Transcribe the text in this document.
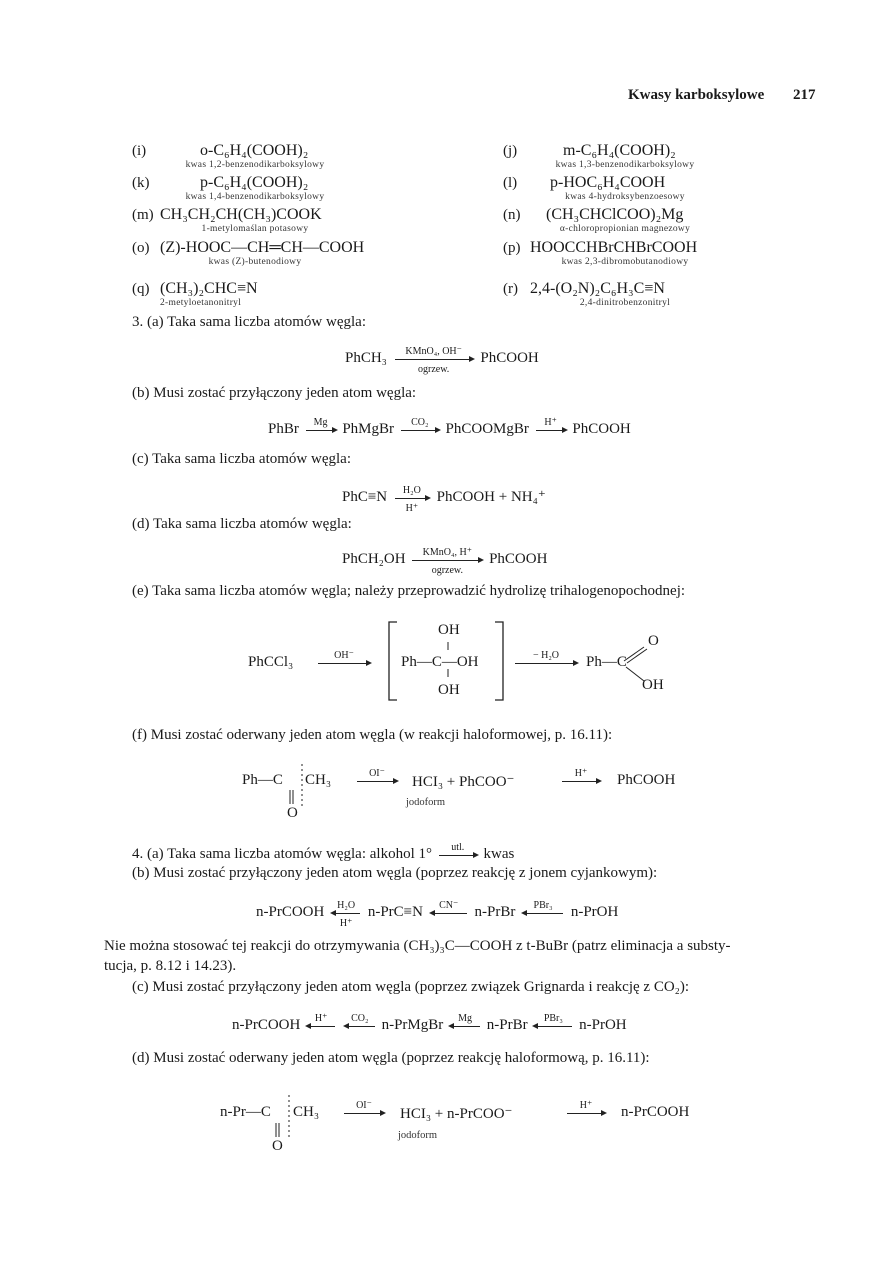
Kwasy karboksylowe 217
(i)	o-C₆H₄(COOH)₂
kwas 1,2-benzenodikarboksylowy
(j)	m-C₆H₄(COOH)₂
kwas 1,3-benzenodikarboksylowy
(k)	p-C₆H₄(COOH)₂
kwas 1,4-benzenodikarboksylowy
(l) p-HOC₆H₄COOH
kwas 4-hydroksybenzoesowy
(m) CH₃CH₂CH(CH₃)COOK
1-metylomaślan potasowy
(n) (CH₃CHClCOO)₂Mg
α-chloropropionian magnezowy
(o) (Z)-HOOC—CH═CH—COOH
kwas (Z)-butenodiowy
(p) HOOCCHBrCHBrCOOH
kwas 2,3-dibromobutanodiowy
(q) (CH₃)₂CHC≡N
2-metyloetanonitryl
(r) 2,4-(O₂N)₂C₆H₃C≡N
2,4-dinitrobenzonitryl
3. (a) Taka sama liczba atomów węgla:
PhCH₃	KMnO₄, OH⁻
ogrzew.
PhCOOH
(b) Musi zostać przyłączony jeden atom węgla:
PhBr	Mg PhMgBr	CO₂	PhCOOMgBr	H⁺	PhCOOH
(c) Taka sama liczba atomów węgla:
$PhC\equiv N \frac{\text{H₂O}}{H^+}$ PhCOOH + NH₄⁺
(d) Taka sama liczba atomów węgla:
PhCH₂OH	KMnO₄, H⁺
ogrzew.
PhCOOH
(e) Taka sama liczba atomów węgla; należy przeprowadzić hydrolizę trihalogenopochodnej:
PhCCl₃	OH⁻
OH
Ph—C—OH
OH
− H₂O	Ph—C
O
OH
(f) Musi zostać oderwany jeden atom węgla (w reakcji haloformowej, p. 16.11):
Ph—C CH₃
O
OI⁻
HCI₃ + PhCOO⁻
jodoform
H⁺	PhCOOH
4. (a) Taka sama liczba atomów węgla: alkohol 1°	utl.	kwas
(b) Musi zostać przyłączony jeden atom węgla (poprzez reakcję z jonem cyjankowym):
n-PrCOOH $\frac{\text{H₂O}}{H^+} n-PrC\equiv N$	CN⁻	n-PrBr	PBr₃	n-PrOH
Nie można stosować tej reakcji do otrzymywania (CH₃)₃C—COOH z t-BuBr (patrz eliminacja a substy-
tucja, p. 8.12 i 14.23).
(c) Musi zostać przyłączony jeden atom węgla (poprzez związek Grignarda i reakcję z CO₂):
n-PrCOOH	H⁺
	CO₂ n-PrMgBr	Mg n-PrBr	PBr₃	n-PrOH
(d) Musi zostać oderwany jeden atom węgla (poprzez reakcję haloformową, p. 16.11):
n-Pr—C CH₃
O
OI⁻
HCI₃ + n-PrCOO⁻
jodoform
H⁺	n-PrCOOH
